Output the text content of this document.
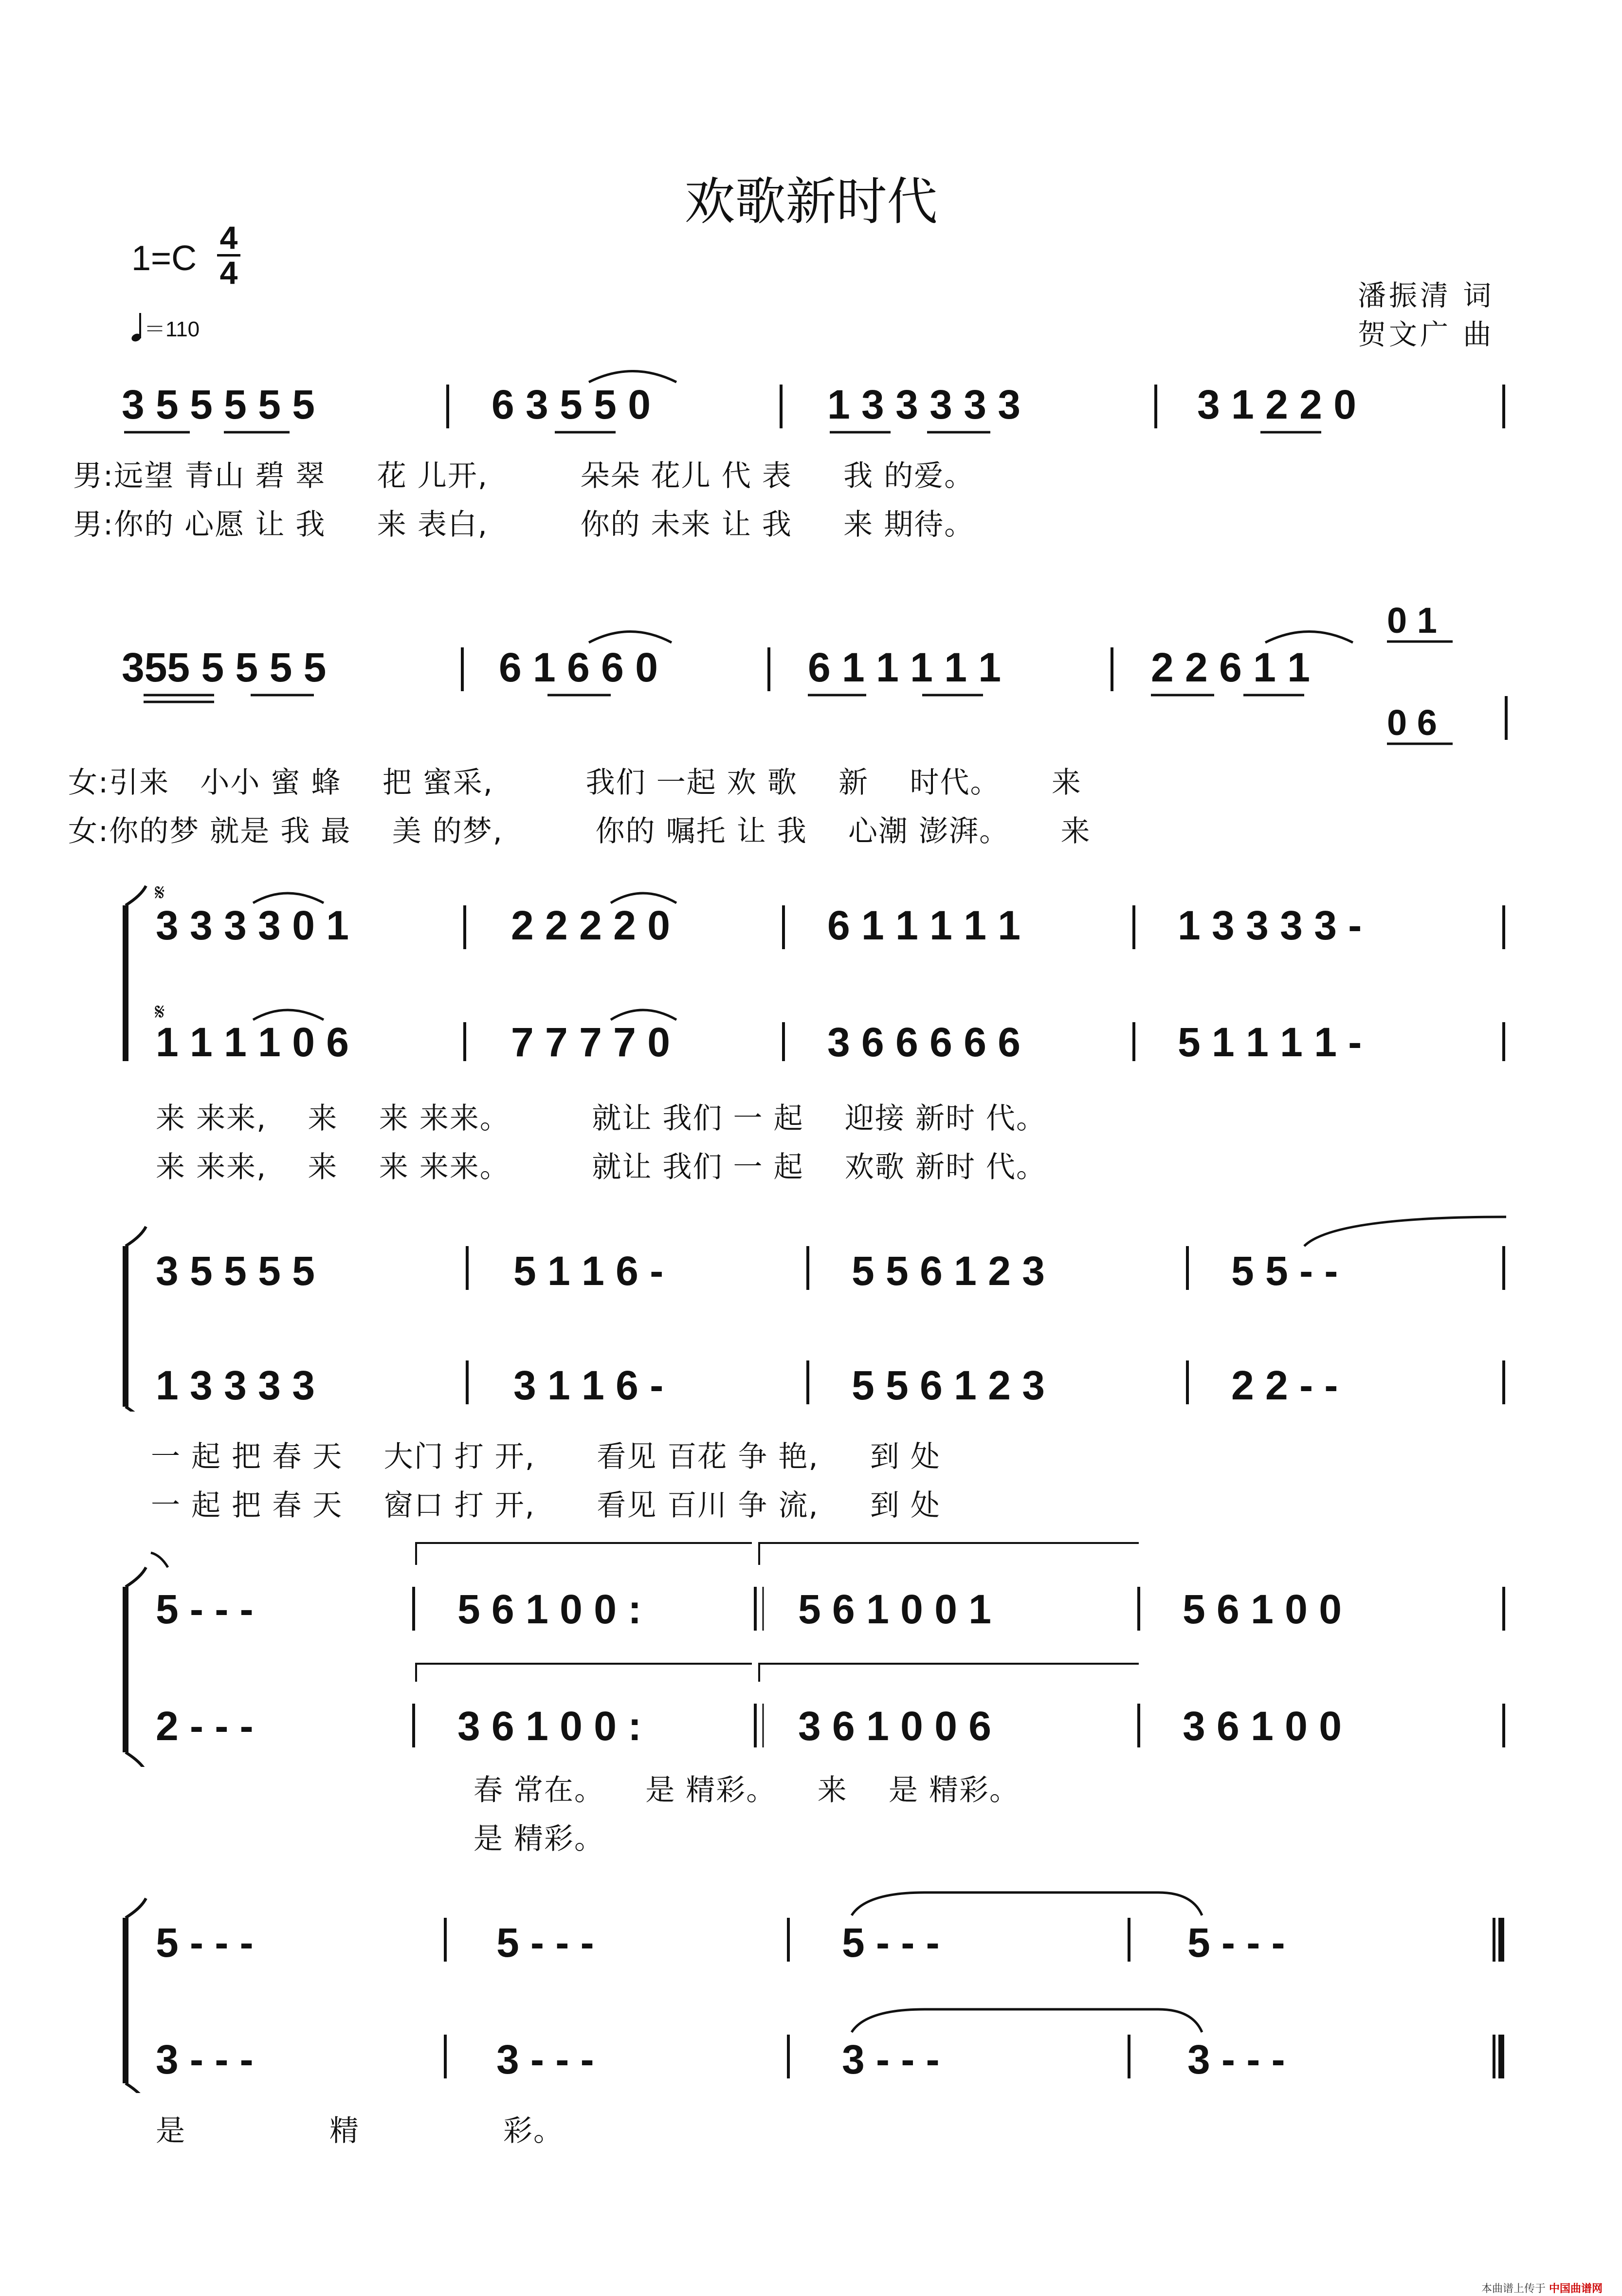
欢歌新时代
1=C
4
4
＝110
潘振清 词
贺文广 曲
3 5 5 5 5 5	6 3 5 5 0	1 3 3 3 3 3	3 1 2 2 0
男:远望 青山 碧 翠     花 儿开,         朵朵 花儿 代 表     我 的爱。
男:你的 心愿 让 我     来 表白,         你的 未来 让 我     来 期待。
355 5 5 5 5	6 1 6 6 0	6 1 1 1 1 1	2 2 6 1 1
0 1
0 6
女:引来   小小 蜜 蜂    把 蜜采,         我们 一起 欢 歌    新    时代。     来
女:你的梦 就是 我 最    美 的梦,         你的 嘱托 让 我    心潮 澎湃。     来
𝄋
𝄋
3 3 3 3 0 1	2 2 2 2 0	6 1 1 1 1 1	1 3 3 3 3 -
1 1 1 1 0 6	7 7 7 7 0	3 6 6 6 6 6	5 1 1 1 1 -
来 来来,    来    来 来来。        就让 我们 一 起    迎接 新时 代。
来 来来,    来    来 来来。        就让 我们 一 起    欢歌 新时 代。
3 5 5 5 5	5 1 1 6 -	5 5 6 1 2 3	5 5 - -
1 3 3 3 3	3 1 1 6 -	5 5 6 1 2 3	2 2 - -
一 起 把 春 天    大门 打 开,      看见 百花 争 艳,     到 处
一 起 把 春 天    窗口 打 开,      看见 百川 争 流,     到 处
5 - - -	5 6 1 0 0 :	5 6 1 0 0 1	5 6 1 0 0
2 - - -	3 6 1 0 0 :	3 6 1 0 0 6	3 6 1 0 0
春 常在。    是 精彩。    来    是 精彩。
是 精彩。
5 - - -	5 - - -	5 - - -	5 - - -
3 - - -	3 - - -	3 - - -	3 - - -
是              精              彩。
本曲谱上传于 中国曲谱网
